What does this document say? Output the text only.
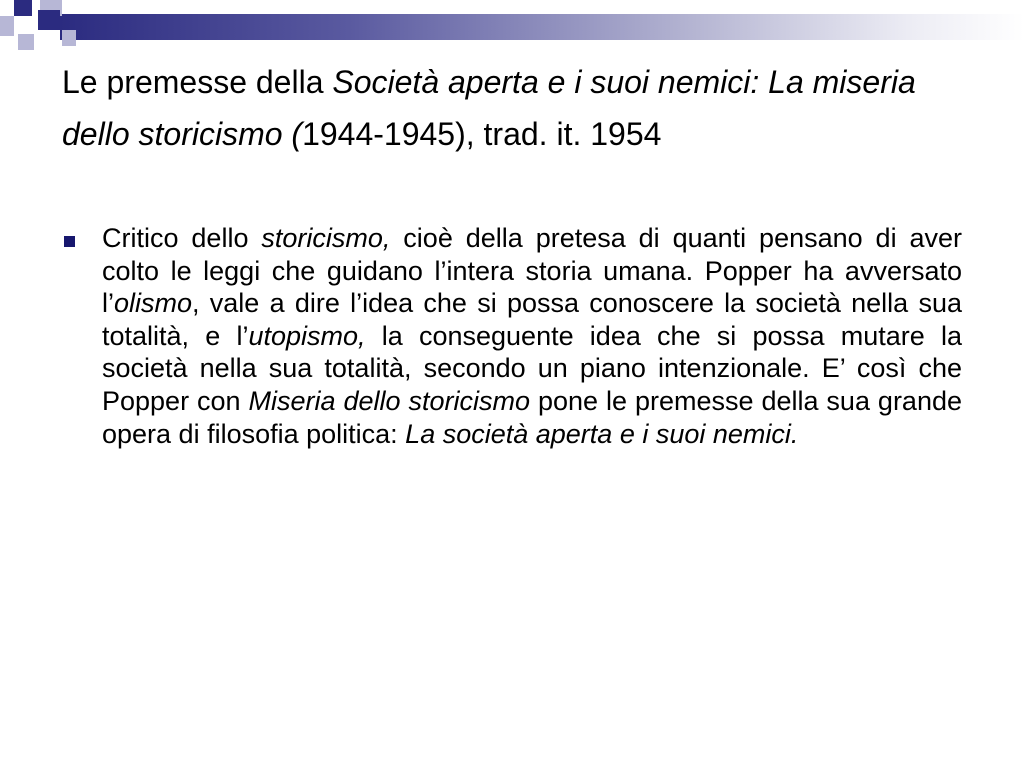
Le premesse della Società aperta e i suoi nemici: La miseria dello storicismo (1944-1945), trad. it. 1954

Critico dello storicismo, cioè della pretesa di quanti pensano di aver colto le leggi che guidano l’intera storia umana. Popper ha avversato l’olismo, vale a dire l’idea che si possa conoscere la società nella sua totalità, e l’utopismo, la conseguente idea che si possa mutare la società nella sua totalità, secondo un piano intenzionale. E’ così che Popper con Miseria dello storicismo pone le premesse della sua grande opera di filosofia politica: La società aperta e i suoi nemici.
